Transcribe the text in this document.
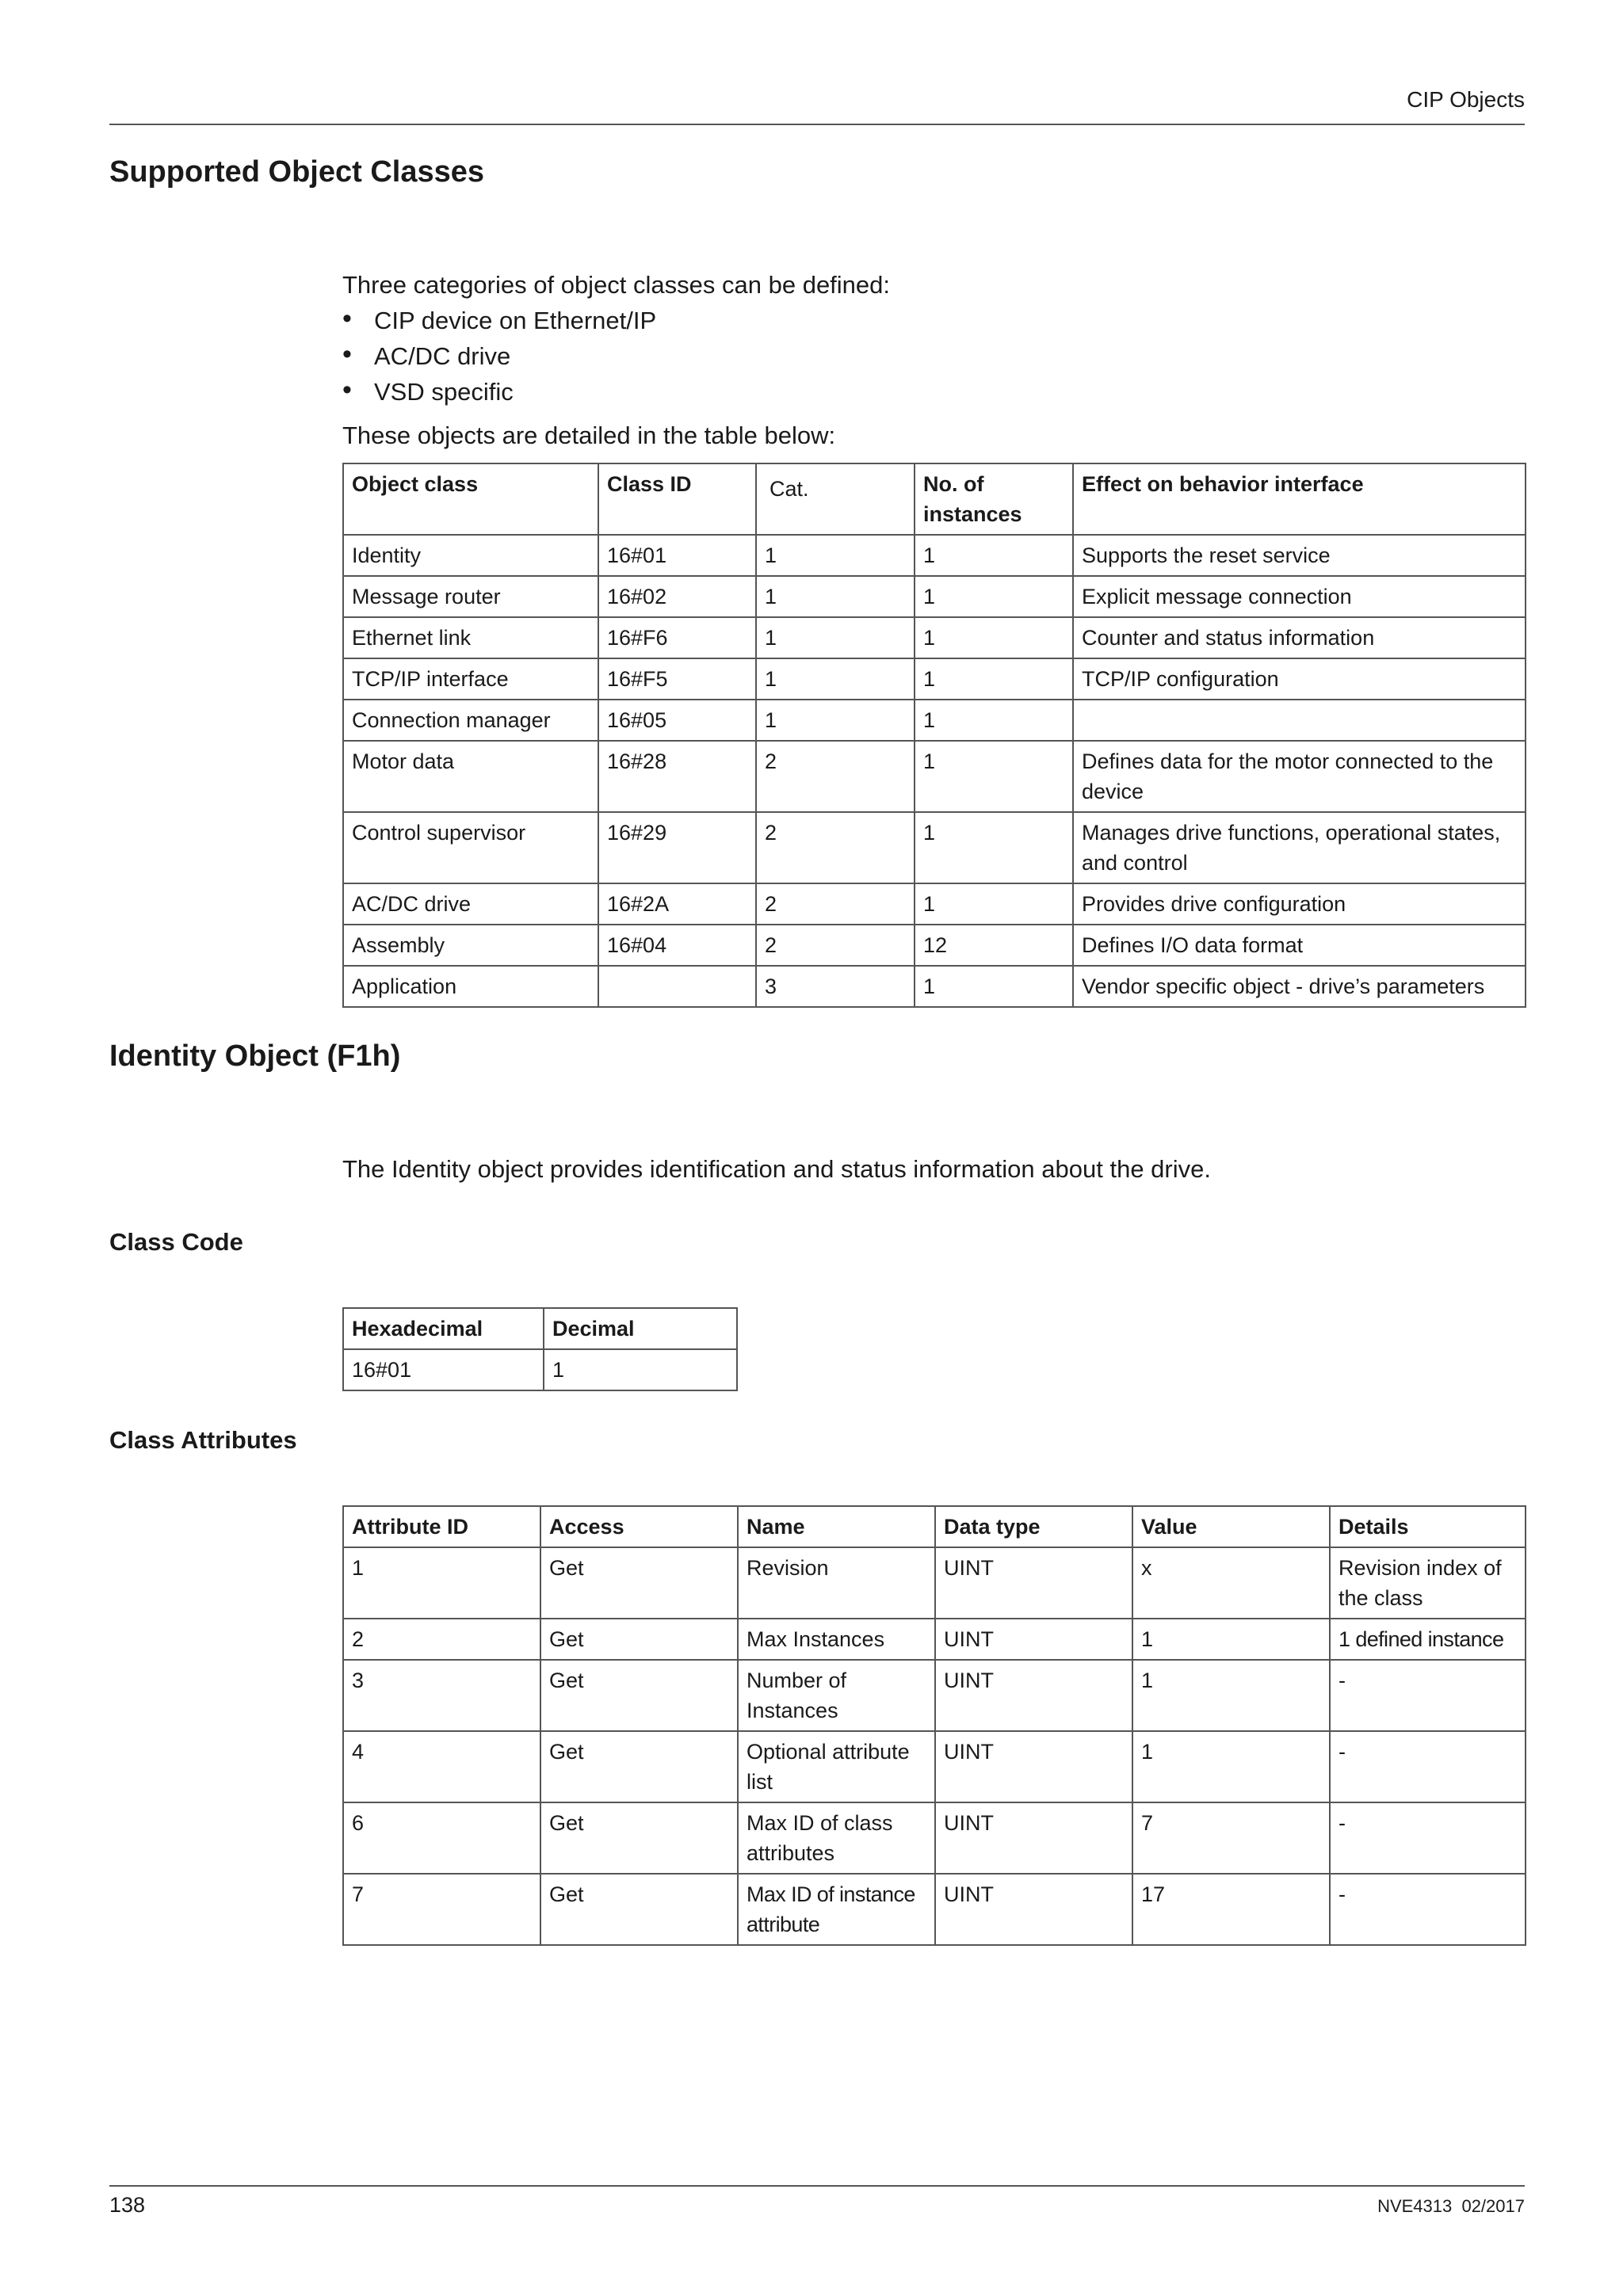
CIP Objects
Supported Object Classes
Three categories of object classes can be defined:
• CIP device on Ethernet/IP
• AC/DC drive
• VSD specific
These objects are detailed in the table below:
Object class	Class ID	Cat.	No. of instances	Effect on behavior interface
Identity	16#01	1	1	Supports the reset service
Message router	16#02	1	1	Explicit message connection
Ethernet link	16#F6	1	1	Counter and status information
TCP/IP interface	16#F5	1	1	TCP/IP configuration
Connection manager	16#05	1	1	
Motor data	16#28	2	1	Defines data for the motor connected to the device
Control supervisor	16#29	2	1	Manages drive functions, operational states, and control
AC/DC drive	16#2A	2	1	Provides drive configuration
Assembly	16#04	2	12	Defines I/O data format
Application		3	1	Vendor specific object - drive’s parameters
Identity Object (F1h)
The Identity object provides identification and status information about the drive.
Class Code
Hexadecimal	Decimal
16#01	1
Class Attributes
Attribute ID	Access	Name	Data type	Value	Details
1	Get	Revision	UINT	x	Revision index of the class
2	Get	Max Instances	UINT	1	1 defined instance
3	Get	Number of Instances	UINT	1	-
4	Get	Optional attribute list	UINT	1	-
6	Get	Max ID of class attributes	UINT	7	-
7	Get	Max ID of instance attribute	UINT	17	-
138	NVE4313  02/2017
